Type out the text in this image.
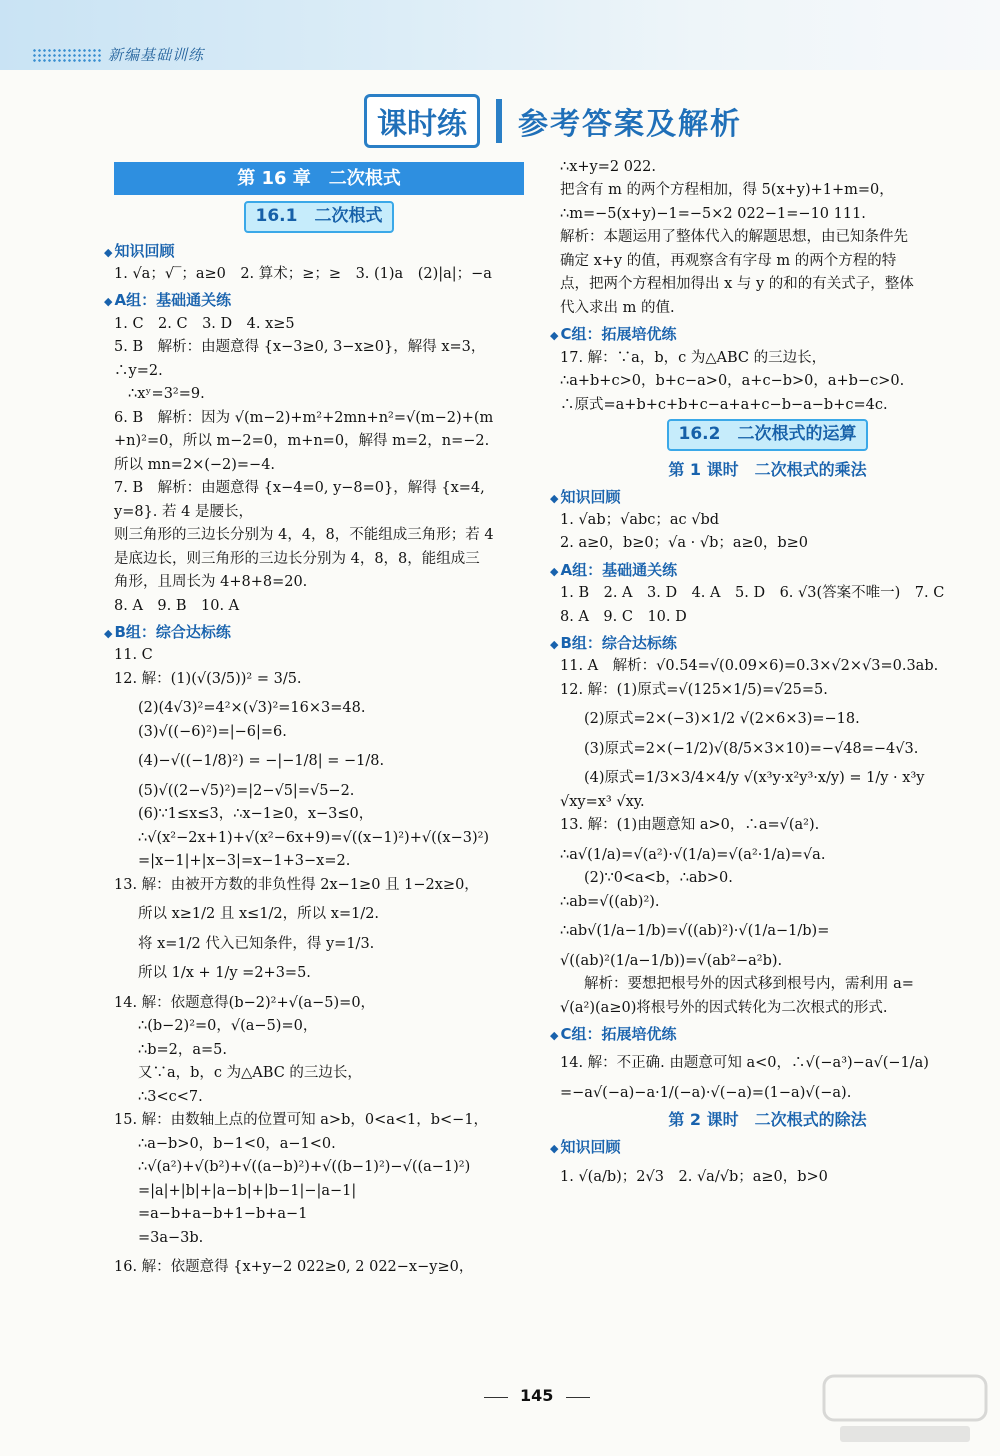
新编基础训练
课时练	参考答案及解析
第 16 章　二次根式
16.1　二次根式
◆ 知识回顾

1. √a；√‾；a≥0　2. 算术；≥；≥　3. (1)a　(2)|a|；−a

◆ A组：基础通关练

1. C　2. C　3. D　4. x≥5

5. B　解析：由题意得 {x−3≥0, 3−x≥0}，解得 x=3，∴y=2.

∴xʸ=3²=9.

6. B　解析：因为 √(m−2)+m²+2mn+n²=√(m−2)+(m

+n)²=0，所以 m−2=0，m+n=0，解得 m=2，n=−2.

所以 mn=2×(−2)=−4.

7. B　解析：由题意得 {x−4=0, y−8=0}，解得 {x=4, y=8}. 若 4 是腰长，

则三角形的三边长分别为 4，4，8，不能组成三角形；若 4

是底边长，则三角形的三边长分别为 4，8，8，能组成三

角形，且周长为 4+8+8=20.

8. A　9. B　10. A

◆ B组：综合达标练

11. C

12. 解：(1)(√(3/5))² = 3/5.

(2)(4√3)²=4²×(√3)²=16×3=48.

(3)√((−6)²)=|−6|=6.

(4)−√((−1/8)²) = −|−1/8| = −1/8.

(5)√((2−√5)²)=|2−√5|=√5−2.

(6)∵1≤x≤3，∴x−1≥0，x−3≤0，

∴√(x²−2x+1)+√(x²−6x+9)=√((x−1)²)+√((x−3)²)

=|x−1|+|x−3|=x−1+3−x=2.

13. 解：由被开方数的非负性得 2x−1≥0 且 1−2x≥0，

所以 x≥1/2 且 x≤1/2，所以 x=1/2.

将 x=1/2 代入已知条件，得 y=1/3.

所以 1/x + 1/y =2+3=5.

14. 解：依题意得(b−2)²+√(a−5)=0，

∴(b−2)²=0，√(a−5)=0，

∴b=2，a=5.

又∵a，b，c 为△ABC 的三边长，

∴3<c<7.

15. 解：由数轴上点的位置可知 a>b，0<a<1，b<−1，

∴a−b>0，b−1<0，a−1<0.

∴√(a²)+√(b²)+√((a−b)²)+√((b−1)²)−√((a−1)²)

=|a|+|b|+|a−b|+|b−1|−|a−1|

=a−b+a−b+1−b+a−1

=3a−3b.

16. 解：依题意得 {x+y−2 022≥0, 2 022−x−y≥0，

∴x+y=2 022.

把含有 m 的两个方程相加，得 5(x+y)+1+m=0，

∴m=−5(x+y)−1=−5×2 022−1=−10 111.

解析：本题运用了整体代入的解题思想，由已知条件先

确定 x+y 的值，再观察含有字母 m 的两个方程的特

点，把两个方程相加得出 x 与 y 的和的有关式子，整体

代入求出 m 的值.

◆ C组：拓展培优练

17. 解：∵a，b，c 为△ABC 的三边长，

∴a+b+c>0，b+c−a>0，a+c−b>0，a+b−c>0.

∴原式=a+b+c+b+c−a+a+c−b−a−b+c=4c.

16.2　二次根式的运算
第 1 课时　二次根式的乘法
◆ 知识回顾

1. √ab；√abc；ac √bd

2. a≥0，b≥0；√a · √b；a≥0，b≥0

◆ A组：基础通关练

1. B　2. A　3. D　4. A　5. D　6. √3(答案不唯一)　7. C

8. A　9. C　10. D

◆ B组：综合达标练

11. A　解析：√0.54=√(0.09×6)=0.3×√2×√3=0.3ab.

12. 解：(1)原式=√(125×1/5)=√25=5.

(2)原式=2×(−3)×1/2 √(2×6×3)=−18.

(3)原式=2×(−1/2)√(8/5×3×10)=−√48=−4√3.

(4)原式=1/3×3/4×4/y √(x³y·x²y³·x/y) = 1/y · x³y

√xy=x³ √xy.

13. 解：(1)由题意知 a>0，∴a=√(a²).

∴a√(1/a)=√(a²)·√(1/a)=√(a²·1/a)=√a.

(2)∵0<a<b，∴ab>0.

∴ab=√((ab)²).

∴ab√(1/a−1/b)=√((ab)²)·√(1/a−1/b)=

√((ab)²(1/a−1/b))=√(ab²−a²b).

解析：要想把根号外的因式移到根号内，需利用 a=

√(a²)(a≥0)将根号外的因式转化为二次根式的形式.

◆ C组：拓展培优练

14. 解：不正确. 由题意可知 a<0，∴√(−a³)−a√(−1/a)

=−a√(−a)−a·1/(−a)·√(−a)=(1−a)√(−a).

第 2 课时　二次根式的除法
◆ 知识回顾

1. √(a/b)；2√3　2. √a/√b；a≥0，b>0

145
